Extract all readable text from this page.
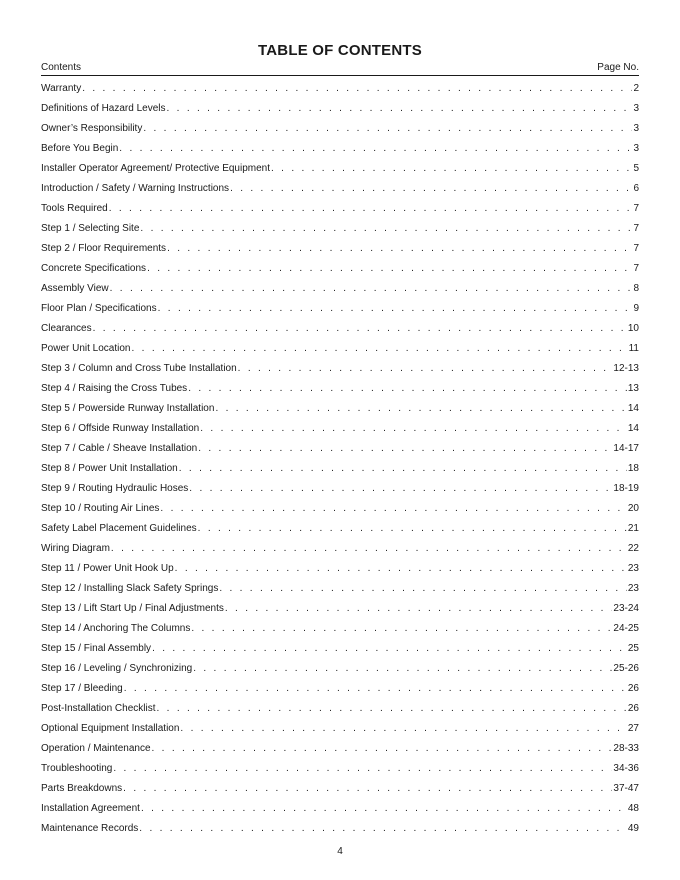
TABLE OF CONTENTS
Contents	Page No.
Warranty . . .	2
Definitions of Hazard Levels . . .	3
Owner’s Responsibility . . .	3
Before You Begin . . .	3
Installer Operator Agreement/ Protective Equipment . . .	5
Introduction / Safety / Warning Instructions . . .	6
Tools Required . . .	7
Step 1 / Selecting Site . . .	7
Step 2 / Floor Requirements . . .	7
Concrete Specifications . . .	7
Assembly View . . .	8
Floor Plan / Specifications . . .	9
Clearances . . .	10
Power Unit Location . . .	11
Step 3 / Column and Cross Tube Installation . . .	12-13
Step 4 / Raising the Cross Tubes . . .	13
Step 5 / Powerside Runway Installation . . .	14
Step 6 / Offside Runway Installation . . .	14
Step 7 / Cable / Sheave Installation . . .	14-17
Step 8 / Power Unit Installation . . .	18
Step 9 / Routing Hydraulic Hoses . . .	18-19
Step 10 / Routing Air Lines . . .	20
Safety Label Placement Guidelines . . .	21
Wiring Diagram . . .	22
Step 11 / Power Unit Hook Up . . .	23
Step 12 / Installing Slack Safety Springs . . .	23
Step 13 / Lift Start Up / Final Adjustments . . .	23-24
Step 14 / Anchoring The Columns . . .	24-25
Step 15 / Final Assembly . . .	25
Step 16 / Leveling / Synchronizing . . .	25-26
Step 17 / Bleeding . . .	26
Post-Installation Checklist . . .	26
Optional Equipment Installation . . .	27
Operation / Maintenance . . .	28-33
Troubleshooting . . .	34-36
Parts Breakdowns . . .	37-47
Installation Agreement . . .	48
Maintenance Records . . .	49
4
